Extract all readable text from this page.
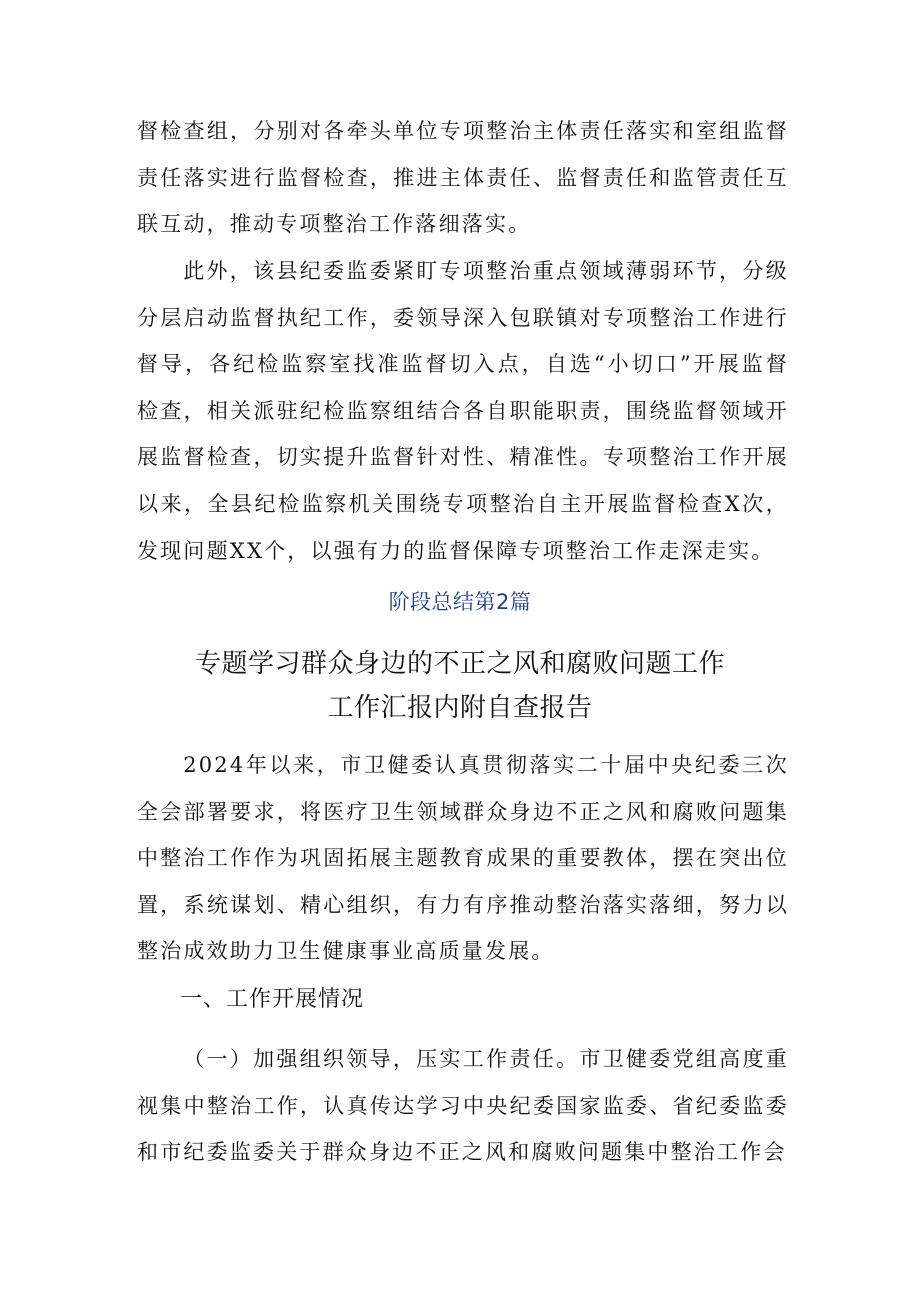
督检查组，分别对各牵头单位专项整治主体责任落实和室组监督责任落实进行监督检查，推进主体责任、监督责任和监管责任互联互动，推动专项整治工作落细落实。

此外，该县纪委监委紧盯专项整治重点领域薄弱环节，分级分层启动监督执纪工作，委领导深入包联镇对专项整治工作进行督导，各纪检监察室找准监督切入点，自选“小切口”开展监督检查，相关派驻纪检监察组结合各自职能职责，围绕监督领域开展监督检查，切实提升监督针对性、精准性。专项整治工作开展以来，全县纪检监察机关围绕专项整治自主开展监督检查X次，发现问题XX个，以强有力的监督保障专项整治工作走深走实。

阶段总结第2篇
专题学习群众身边的不正之风和腐败问题工作
工作汇报内附自查报告

2024年以来，市卫健委认真贯彻落实二十届中央纪委三次全会部署要求，将医疗卫生领域群众身边不正之风和腐败问题集中整治工作作为巩固拓展主题教育成果的重要教体，摆在突出位置，系统谋划、精心组织，有力有序推动整治落实落细，努力以整治成效助力卫生健康事业高质量发展。

一、工作开展情况

（一）加强组织领导，压实工作责任。市卫健委党组高度重视集中整治工作，认真传达学习中央纪委国家监委、省纪委监委和市纪委监委关于群众身边不正之风和腐败问题集中整治工作会
